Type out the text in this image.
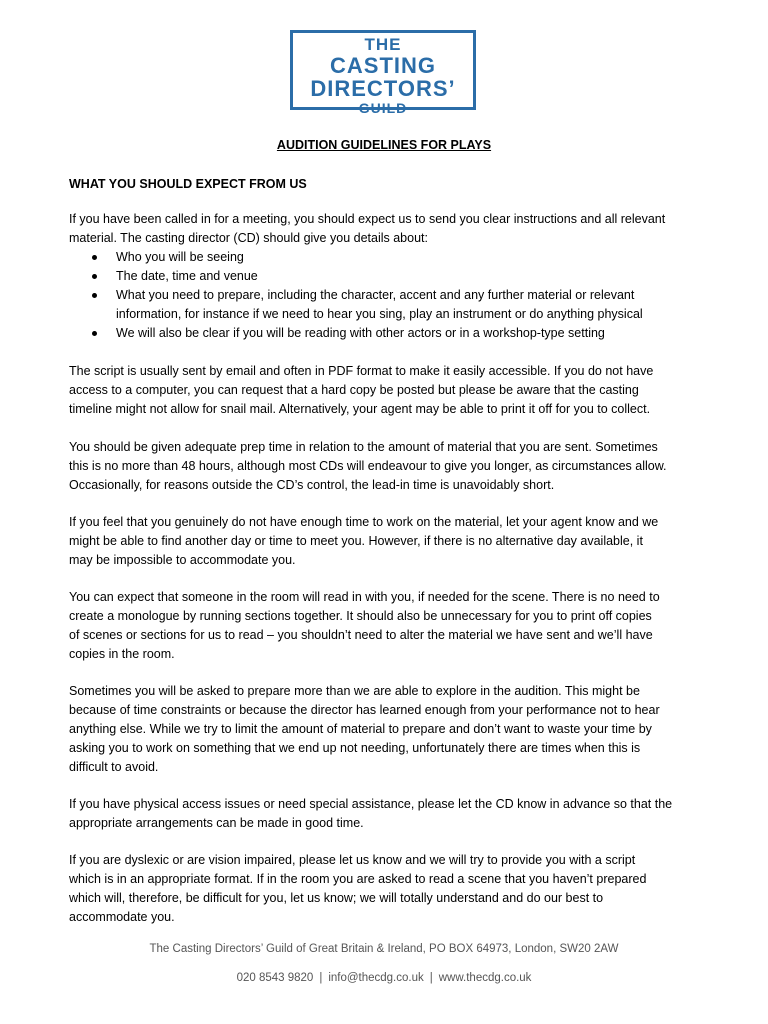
THE
CASTING
DIRECTORS’
GUILD
AUDITION GUIDELINES FOR PLAYS
WHAT YOU SHOULD EXPECT FROM US

If you have been called in for a meeting, you should expect us to send you clear instructions and all relevant
material. The casting director (CD) should give you details about:

Who you will be seeing
The date, time and venue
What you need to prepare, including the character, accent and any further material or relevant
information, for instance if we need to hear you sing, play an instrument or do anything physical
We will also be clear if you will be reading with other actors or in a workshop-type setting

The script is usually sent by email and often in PDF format to make it easily accessible. If you do not have
access to a computer, you can request that a hard copy be posted but please be aware that the casting
timeline might not allow for snail mail. Alternatively, your agent may be able to print it off for you to collect.

You should be given adequate prep time in relation to the amount of material that you are sent. Sometimes
this is no more than 48 hours, although most CDs will endeavour to give you longer, as circumstances allow.
Occasionally, for reasons outside the CD’s control, the lead-in time is unavoidably short.

If you feel that you genuinely do not have enough time to work on the material, let your agent know and we
might be able to find another day or time to meet you. However, if there is no alternative day available, it
may be impossible to accommodate you.

You can expect that someone in the room will read in with you, if needed for the scene. There is no need to
create a monologue by running sections together. It should also be unnecessary for you to print off copies
of scenes or sections for us to read – you shouldn’t need to alter the material we have sent and we’ll have
copies in the room.

Sometimes you will be asked to prepare more than we are able to explore in the audition. This might be
because of time constraints or because the director has learned enough from your performance not to hear
anything else. While we try to limit the amount of material to prepare and don’t want to waste your time by
asking you to work on something that we end up not needing, unfortunately there are times when this is
difficult to avoid.

If you have physical access issues or need special assistance, please let the CD know in advance so that the
appropriate arrangements can be made in good time.

If you are dyslexic or are vision impaired, please let us know and we will try to provide you with a script
which is in an appropriate format. If in the room you are asked to read a scene that you haven’t prepared
which will, therefore, be difficult for you, let us know; we will totally understand and do our best to
accommodate you.

The Casting Directors’ Guild of Great Britain & Ireland, PO BOX 64973, London, SW20 2AW
020 8543 9820 | info@thecdg.co.uk | www.thecdg.co.uk
